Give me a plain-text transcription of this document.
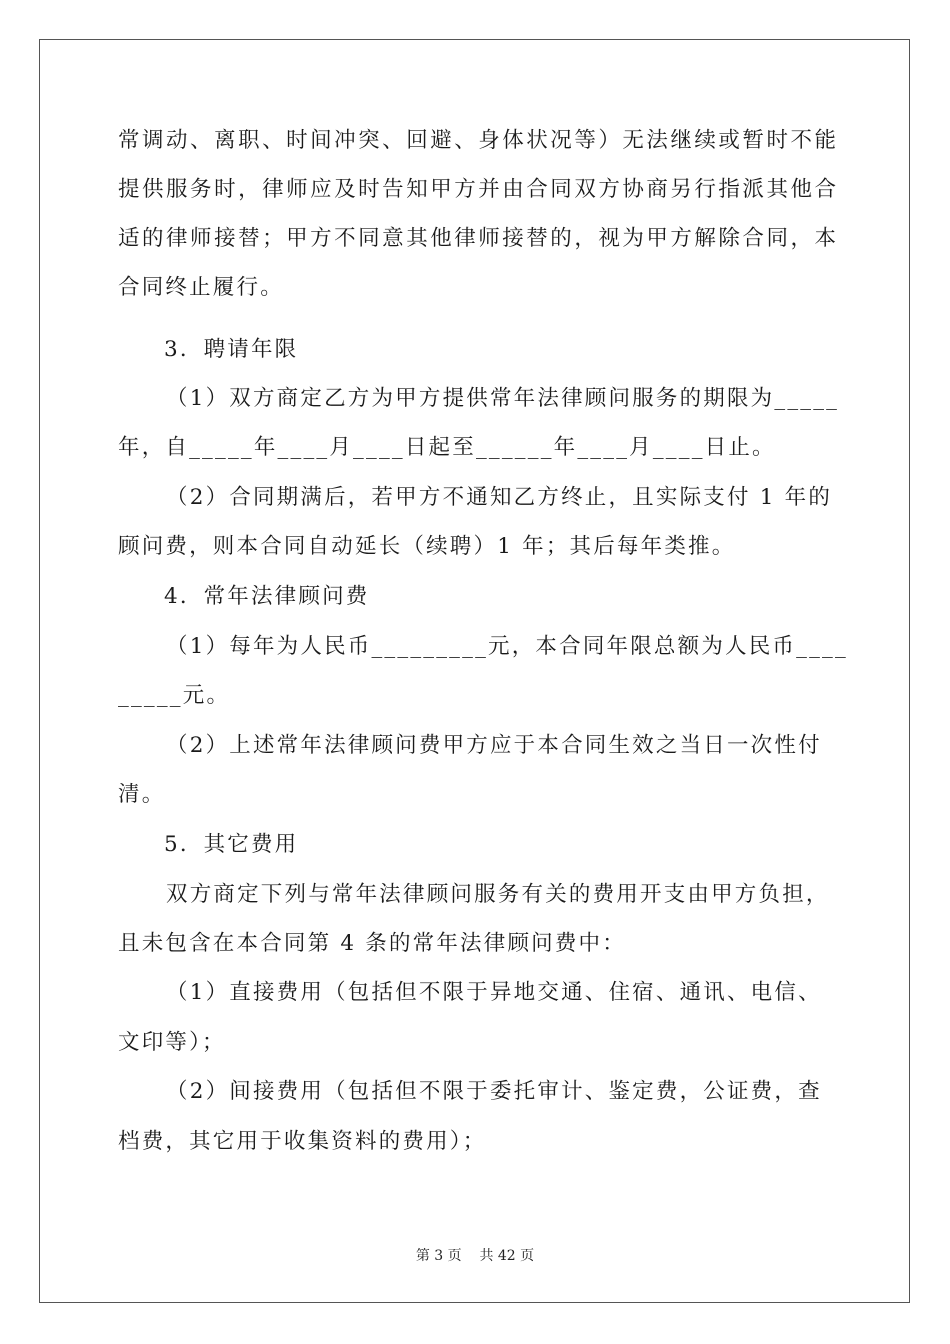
常调动、离职、时间冲突、回避、身体状况等）无法继续或暂时不能
提供服务时，律师应及时告知甲方并由合同双方协商另行指派其他合
适的律师接替；甲方不同意其他律师接替的，视为甲方解除合同，本
合同终止履行。
3．聘请年限
（1）双方商定乙方为甲方提供常年法律顾问服务的期限为_____
年，自_____年____月____日起至______年____月____日止。
（2）合同期满后，若甲方不通知乙方终止，且实际支付 1 年的
顾问费，则本合同自动延长（续聘）1 年；其后每年类推。
4．常年法律顾问费
（1）每年为人民币_________元，本合同年限总额为人民币____
_____元。
（2）上述常年法律顾问费甲方应于本合同生效之当日一次性付
清。
5．其它费用
双方商定下列与常年法律顾问服务有关的费用开支由甲方负担，
且未包含在本合同第 4 条的常年法律顾问费中：
（1）直接费用（包括但不限于异地交通、住宿、通讯、电信、
文印等）；
（2）间接费用（包括但不限于委托审计、鉴定费，公证费，查
档费，其它用于收集资料的费用）；
第 3 页 共 42 页
